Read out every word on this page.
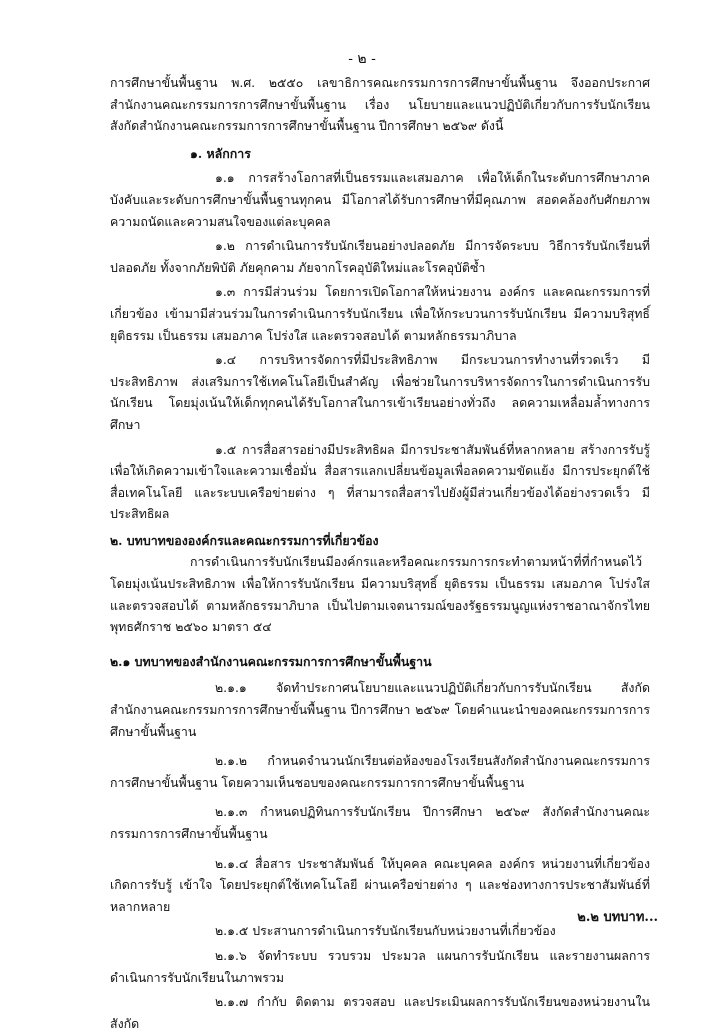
- ๒ -

การศึกษาขั้นพื้นฐาน พ.ศ. ๒๕๕๐ เลขาธิการคณะกรรมการการศึกษาขั้นพื้นฐาน จึงออกประกาศสำนักงานคณะกรรมการการศึกษาขั้นพื้นฐาน เรื่อง นโยบายและแนวปฏิบัติเกี่ยวกับการรับนักเรียน สังกัดสำนักงานคณะกรรมการการศึกษาขั้นพื้นฐาน ปีการศึกษา ๒๕๖๙ ดังนี้

๑. หลักการ

๑.๑ การสร้างโอกาสที่เป็นธรรมและเสมอภาค เพื่อให้เด็กในระดับการศึกษาภาคบังคับและระดับการศึกษาขั้นพื้นฐานทุกคน มีโอกาสได้รับการศึกษาที่มีคุณภาพ สอดคล้องกับศักยภาพ ความถนัดและความสนใจของแต่ละบุคคล

๑.๒ การดำเนินการรับนักเรียนอย่างปลอดภัย มีการจัดระบบ วิธีการรับนักเรียนที่ปลอดภัย ทั้งจากภัยพิบัติ ภัยคุกคาม ภัยจากโรคอุบัติใหม่และโรคอุบัติซ้ำ

๑.๓ การมีส่วนร่วม โดยการเปิดโอกาสให้หน่วยงาน องค์กร และคณะกรรมการที่เกี่ยวข้อง เข้ามามีส่วนร่วมในการดำเนินการรับนักเรียน เพื่อให้กระบวนการรับนักเรียน มีความบริสุทธิ์ ยุติธรรม เป็นธรรม เสมอภาค โปร่งใส และตรวจสอบได้ ตามหลักธรรมาภิบาล

๑.๔ การบริหารจัดการที่มีประสิทธิภาพ มีกระบวนการทำงานที่รวดเร็ว มีประสิทธิภาพ ส่งเสริมการใช้เทคโนโลยีเป็นสำคัญ เพื่อช่วยในการบริหารจัดการในการดำเนินการรับนักเรียน โดยมุ่งเน้นให้เด็กทุกคนได้รับโอกาสในการเข้าเรียนอย่างทั่วถึง ลดความเหลื่อมล้ำทางการศึกษา

๑.๕ การสื่อสารอย่างมีประสิทธิผล มีการประชาสัมพันธ์ที่หลากหลาย สร้างการรับรู้ เพื่อให้เกิดความเข้าใจและความเชื่อมั่น สื่อสารแลกเปลี่ยนข้อมูลเพื่อลดความขัดแย้ง มีการประยุกต์ใช้สื่อเทคโนโลยี และระบบเครือข่ายต่าง ๆ ที่สามารถสื่อสารไปยังผู้มีส่วนเกี่ยวข้องได้อย่างรวดเร็ว มีประสิทธิผล

๒. บทบาทขององค์กรและคณะกรรมการที่เกี่ยวข้อง

การดำเนินการรับนักเรียนมีองค์กรและหรือคณะกรรมการกระทำตามหน้าที่ที่กำหนดไว้ โดยมุ่งเน้นประสิทธิภาพ เพื่อให้การรับนักเรียน มีความบริสุทธิ์ ยุติธรรม เป็นธรรม เสมอภาค โปร่งใส และตรวจสอบได้ ตามหลักธรรมาภิบาล เป็นไปตามเจตนารมณ์ของรัฐธรรมนูญแห่งราชอาณาจักรไทย พุทธศักราช ๒๕๖๐ มาตรา ๕๔

๒.๑ บทบาทของสำนักงานคณะกรรมการการศึกษาขั้นพื้นฐาน

๒.๑.๑ จัดทำประกาศนโยบายและแนวปฏิบัติเกี่ยวกับการรับนักเรียน สังกัดสำนักงานคณะกรรมการการศึกษาขั้นพื้นฐาน ปีการศึกษา ๒๕๖๙ โดยคำแนะนำของคณะกรรมการการศึกษาขั้นพื้นฐาน

๒.๑.๒ กำหนดจำนวนนักเรียนต่อห้องของโรงเรียนสังกัดสำนักงานคณะกรรมการการศึกษาขั้นพื้นฐาน โดยความเห็นชอบของคณะกรรมการการศึกษาขั้นพื้นฐาน

๒.๑.๓ กำหนดปฏิทินการรับนักเรียน ปีการศึกษา ๒๕๖๙ สังกัดสำนักงานคณะกรรมการการศึกษาขั้นพื้นฐาน

๒.๑.๔ สื่อสาร ประชาสัมพันธ์ ให้บุคคล คณะบุคคล องค์กร หน่วยงานที่เกี่ยวข้อง เกิดการรับรู้ เข้าใจ โดยประยุกต์ใช้เทคโนโลยี ผ่านเครือข่ายต่าง ๆ และช่องทางการประชาสัมพันธ์ที่หลากหลาย

๒.๑.๕ ประสานการดำเนินการรับนักเรียนกับหน่วยงานที่เกี่ยวข้อง

๒.๑.๖ จัดทำระบบ รวบรวม ประมวล แผนการรับนักเรียน และรายงานผลการดำเนินการรับนักเรียนในภาพรวม

๒.๑.๗ กำกับ ติดตาม ตรวจสอบ และประเมินผลการรับนักเรียนของหน่วยงานในสังกัด

๒.๒ บทบาท...
